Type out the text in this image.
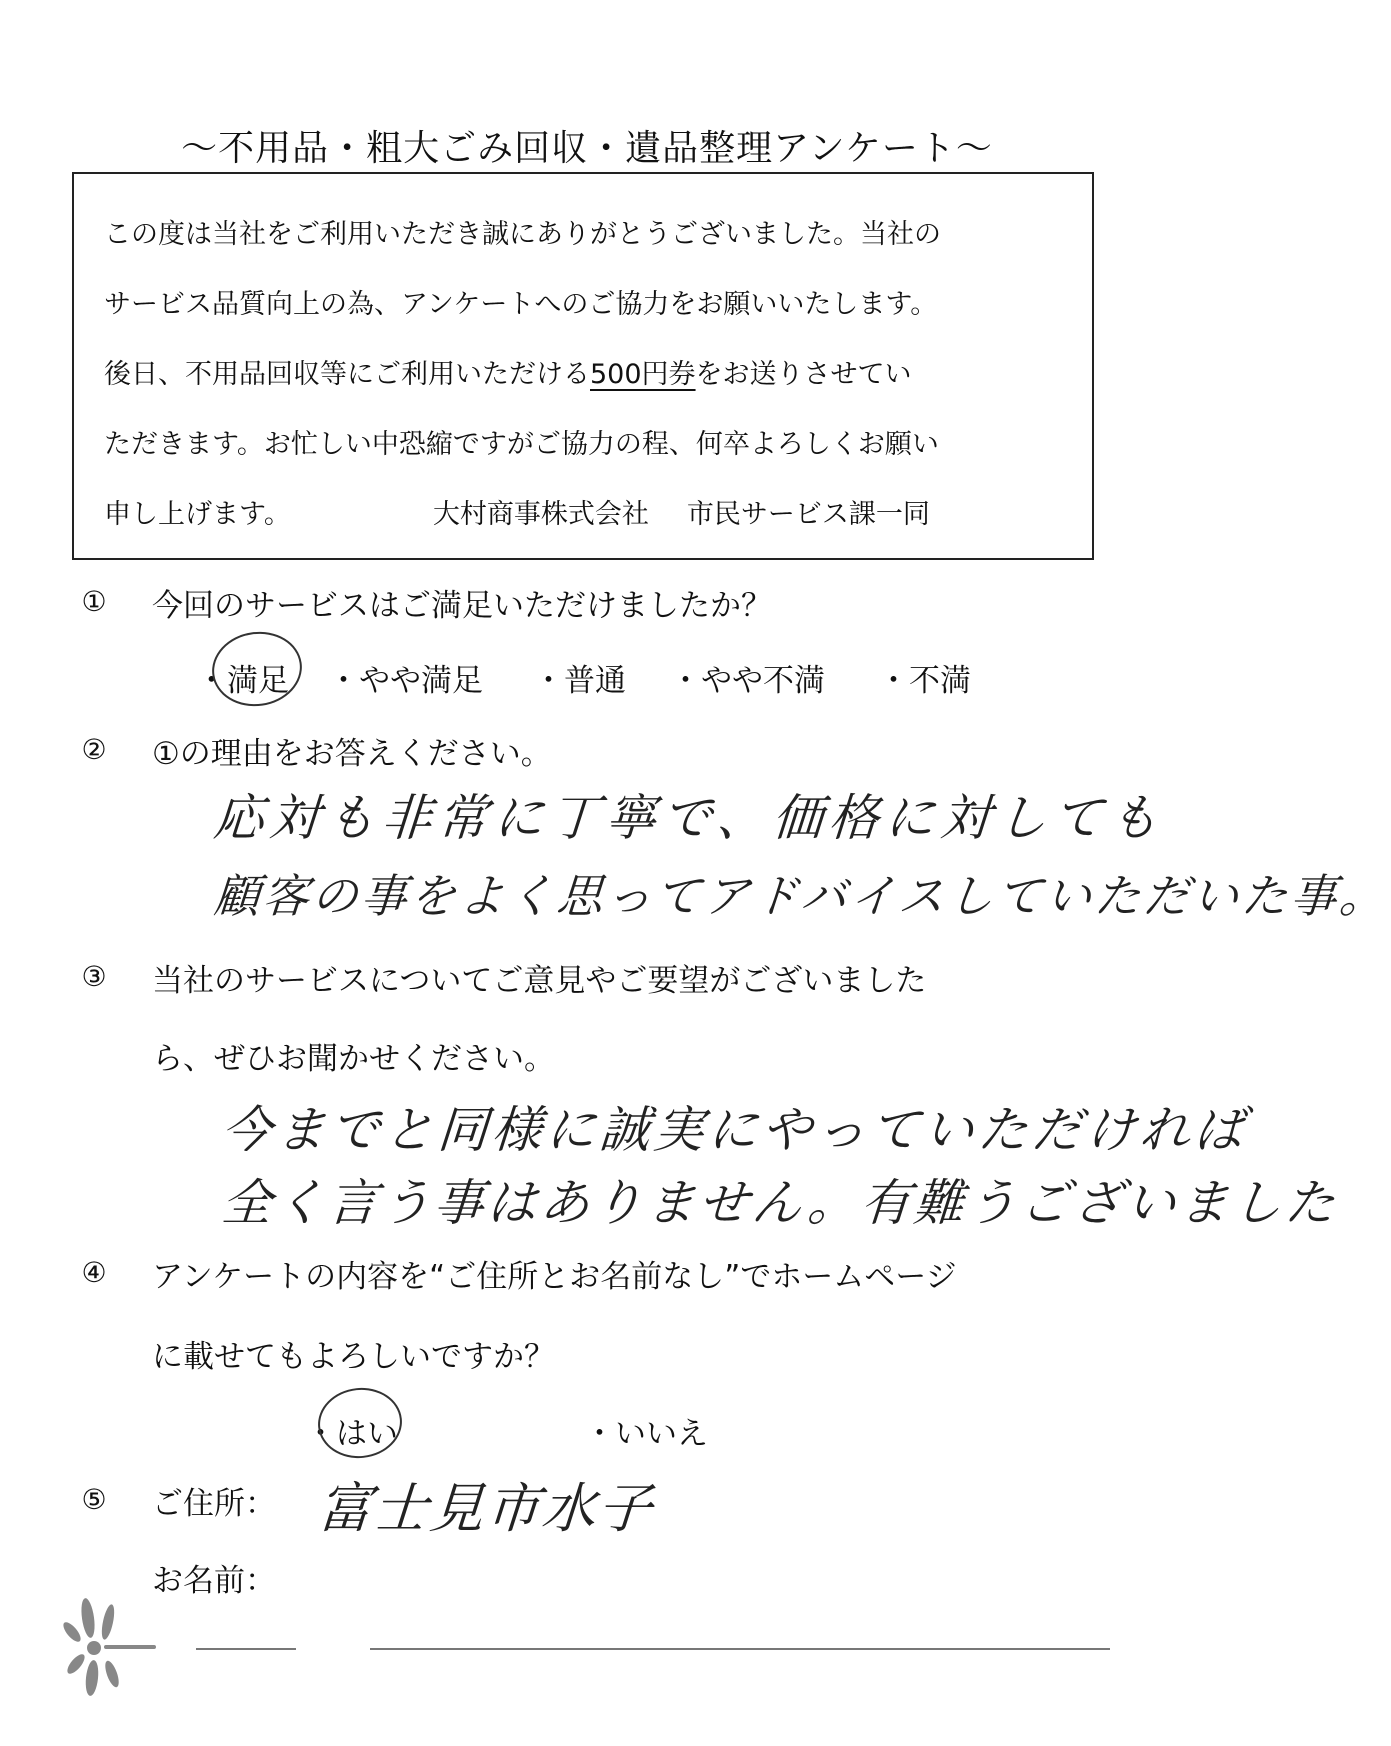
〜不用品・粗大ごみ回収・遺品整理アンケート〜
この度は当社をご利用いただき誠にありがとうございました。当社の
サービス品質向上の為、アンケートへのご協力をお願いいたします。
後日、不用品回収等にご利用いただける500円券をお送りさせてい
ただきます。お忙しい中恐縮ですがご協力の程、何卒よろしくお願い
申し上げます。	大村商事株式会社 市民サービス課一同
① 今回のサービスはご満足いただけましたか？
・満足 ・やや満足 ・普通 ・やや不満 ・不満
② ①の理由をお答えください。
応対も非常に丁寧で、価格に対しても
顧客の事をよく思ってアドバイスしていただいた事。
③ 当社のサービスについてご意見やご要望がございました
ら、ぜひお聞かせください。
今までと同様に誠実にやっていただければ
全く言う事はありません。有難うございました
④ アンケートの内容を“ご住所とお名前なし”でホームページ
に載せてもよろしいですか？
・はい	・いいえ
⑤ ご住所： 富士見市水子
お名前：
